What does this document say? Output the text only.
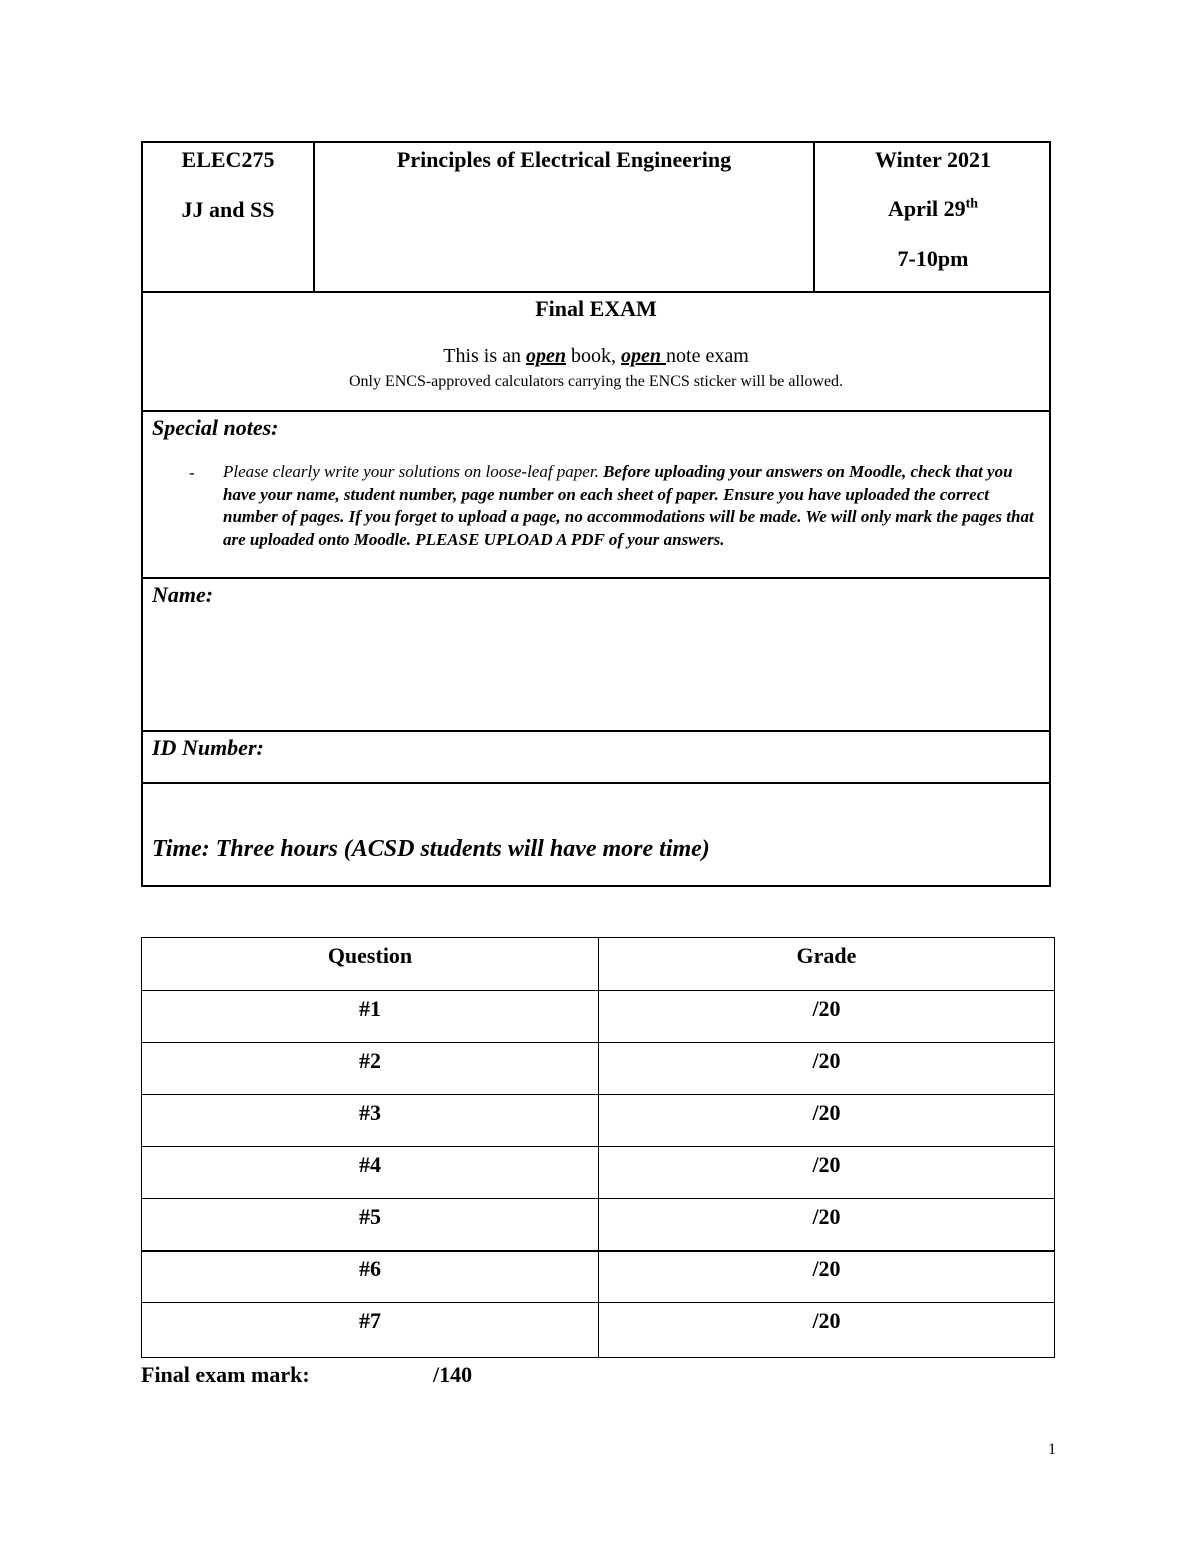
ELEC275
JJ and SS
Principles of Electrical Engineering	Winter 2021
April 29th
7-10pm
Final EXAM
This is an open book, open note exam
Only ENCS-approved calculators carrying the ENCS sticker will be allowed.
Special notes:
- Please clearly write your solutions on loose-leaf paper. Before uploading your answers on Moodle, check that you have your name, student number, page number on each sheet of paper. Ensure you have uploaded the correct number of pages. If you forget to upload a page, no accommodations will be made. We will only mark the pages that are uploaded onto Moodle. PLEASE UPLOAD A PDF of your answers.
Name:
ID Number:
Time: Three hours (ACSD students will have more time)
Question	Grade
#1	/20
#2	/20
#3	/20
#4	/20
#5	/20
#6	/20
#7	/20
Final exam mark:	/140
1
